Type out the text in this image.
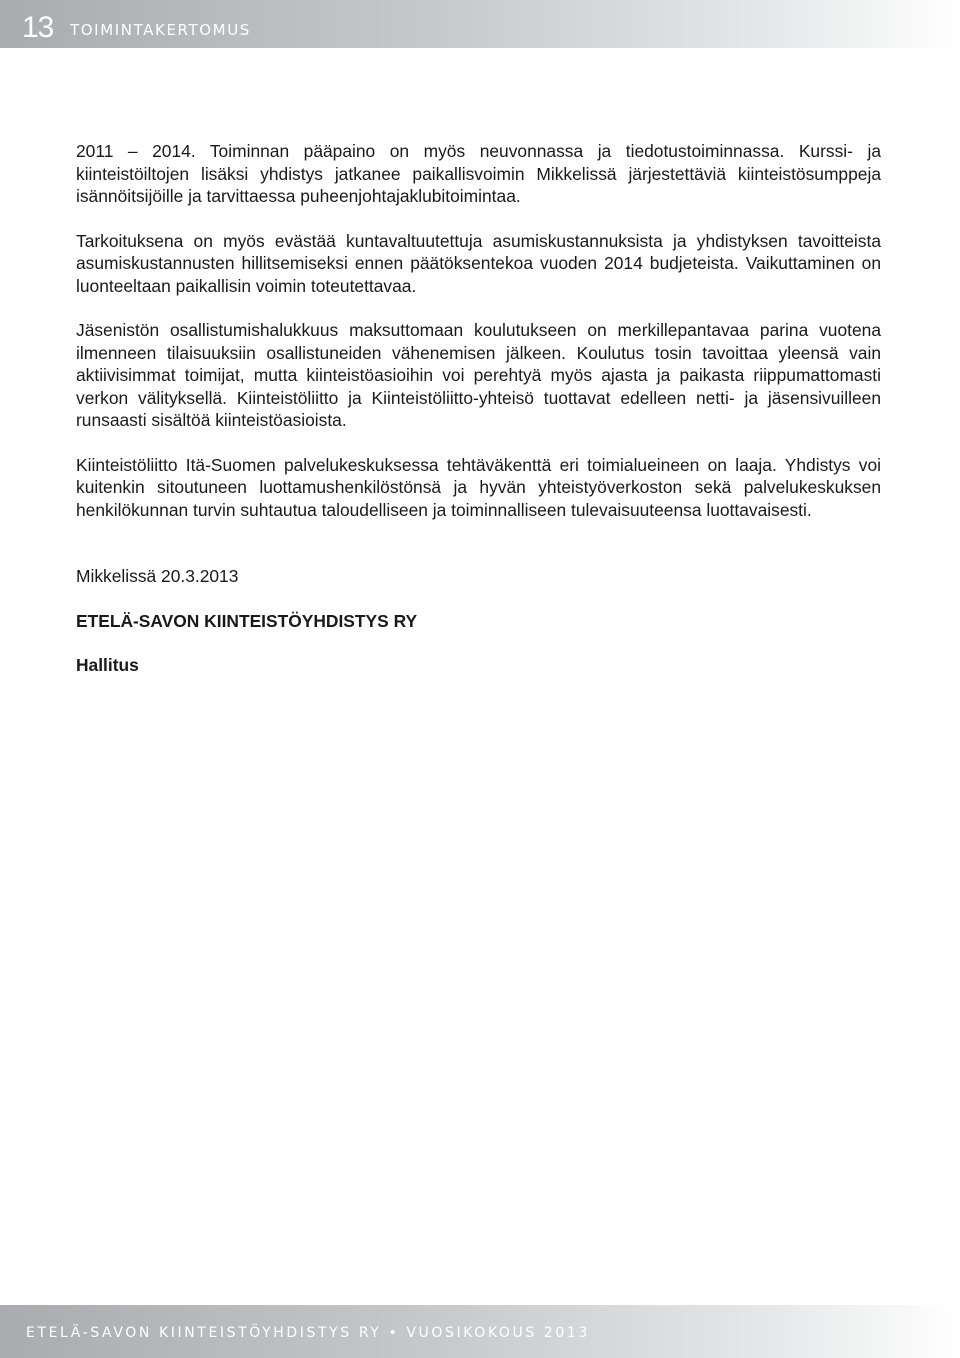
13 TOIMINTAKERTOMUS

2011 – 2014. Toiminnan pääpaino on myös neuvonnassa ja tiedotustoiminnassa. Kurssi- ja kiinteistöiltojen lisäksi yhdistys jatkanee paikallisvoimin Mikkelissä järjestettäviä kiinteistösumppeja isännöitsijöille ja tarvittaessa puheenjohtajaklubitoimintaa.

Tarkoituksena on myös evästää kuntavaltuutettuja asumiskustannuksista ja yhdistyksen tavoitteista asumiskustannusten hillitsemiseksi ennen päätöksentekoa vuoden 2014 budjeteista. Vaikuttaminen on luonteeltaan paikallisin voimin toteutettavaa.

Jäsenistön osallistumishalukkuus maksuttomaan koulutukseen on merkillepantavaa parina vuotena ilmenneen tilaisuuksiin osallistuneiden vähenemisen jälkeen. Koulutus tosin tavoittaa yleensä vain aktiivisimmat toimijat, mutta kiinteistöasioihin voi perehtyä myös ajasta ja paikasta riippumattomasti verkon välityksellä. Kiinteistöliitto ja Kiinteistöliitto-yhteisö tuottavat edelleen netti- ja jäsensivuilleen runsaasti sisältöä kiinteistöasioista.

Kiinteistöliitto Itä-Suomen palvelukeskuksessa tehtäväkenttä eri toimialueineen on laaja. Yhdistys voi kuitenkin sitoutuneen luottamushenkilöstönsä ja hyvän yhteistyöverkoston sekä palvelukeskuksen henkilökunnan turvin suhtautua taloudelliseen ja toiminnalliseen tulevaisuuteensa luottavaisesti.

Mikkelissä 20.3.2013

ETELÄ-SAVON KIINTEISTÖYHDISTYS RY

Hallitus

ETELÄ-SAVON KIINTEISTÖYHDISTYS RY • VUOSIKOKOUS 2013
